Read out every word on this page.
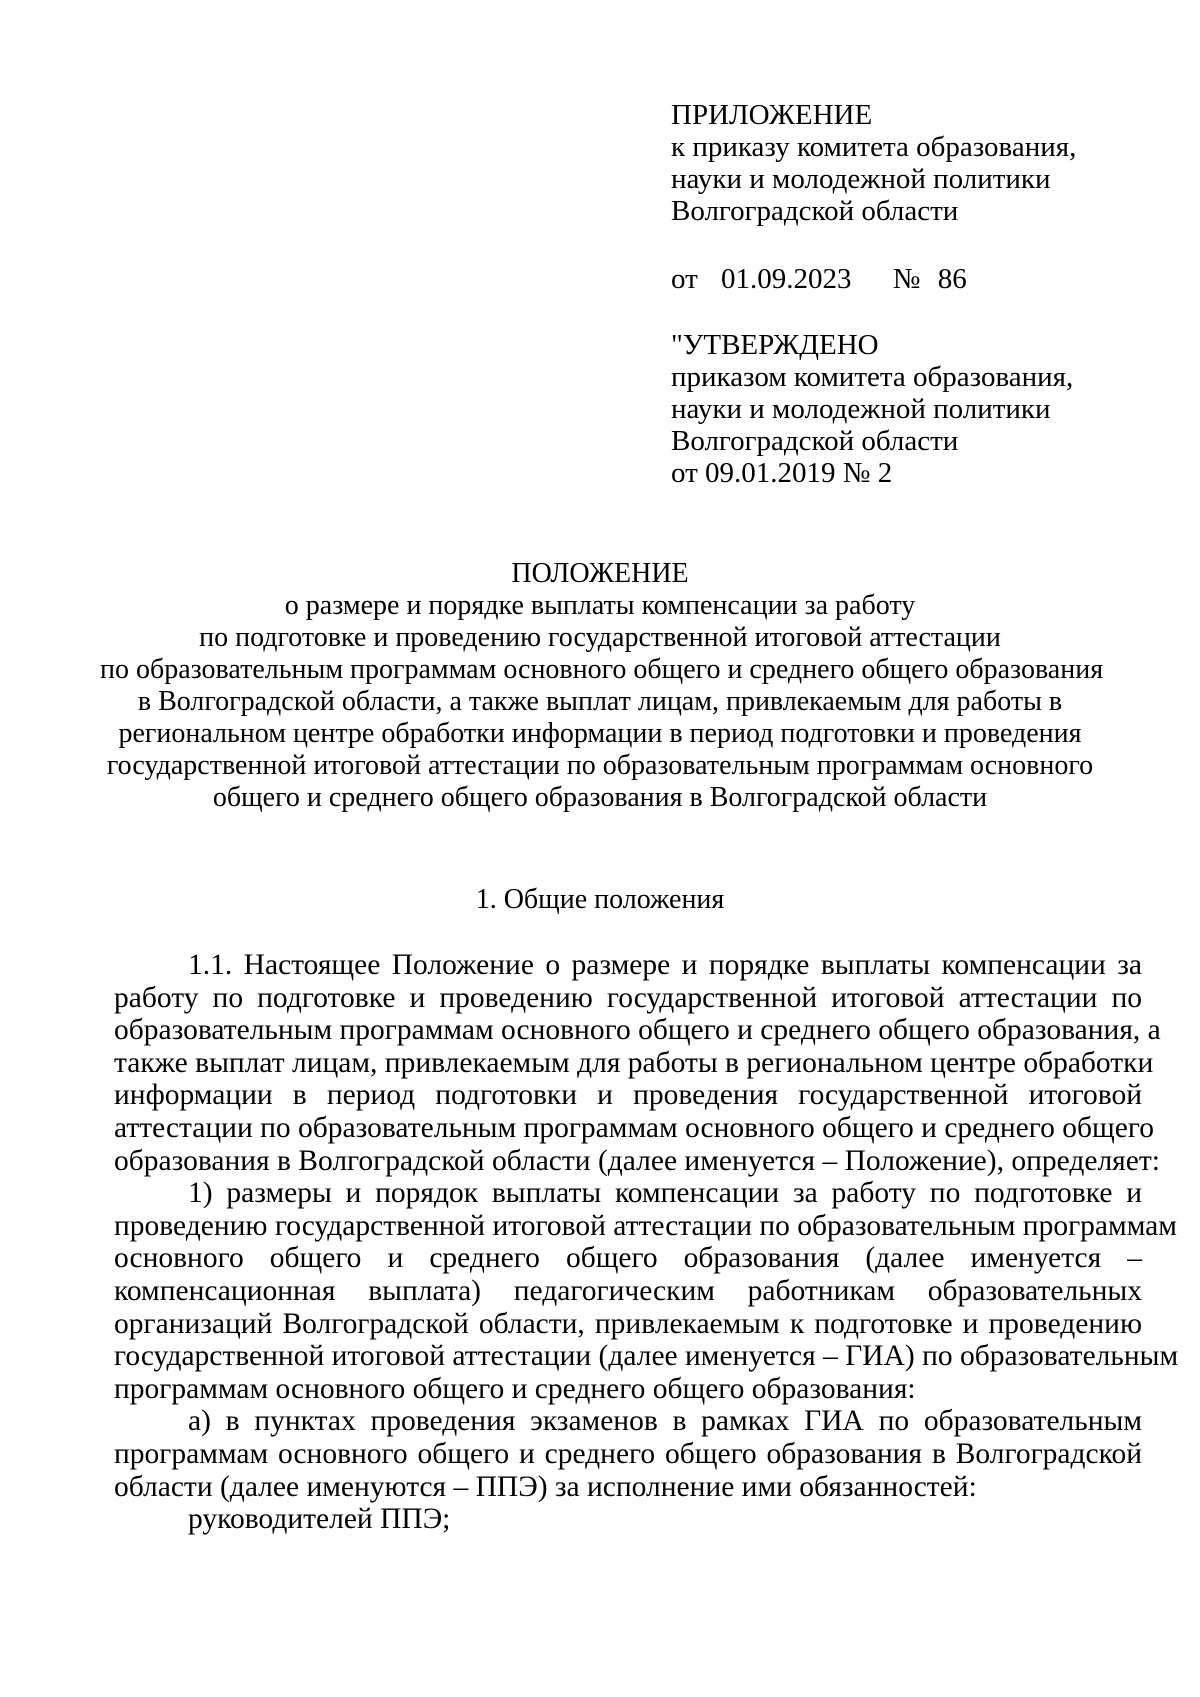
ПРИЛОЖЕНИЕ
к приказу комитета образования,
науки и молодежной политики
Волгоградской области
от 01.09.2023 № 86
"УТВЕРЖДЕНО
приказом комитета образования,
науки и молодежной политики
Волгоградской области
от 09.01.2019 № 2
ПОЛОЖЕНИЕ
о размере и порядке выплаты компенсации за работу
по подготовке и проведению государственной итоговой аттестации
по образовательным программам основного общего и среднего общего образования
в Волгоградской области, а также выплат лицам, привлекаемым для работы в
региональном центре обработки информации в период подготовки и проведения
государственной итоговой аттестации по образовательным программам основного
общего и среднего общего образования в Волгоградской области
1. Общие положения
1.1. Настоящее Положение о размере и порядке выплаты компенсации за
работу по подготовке и проведению государственной итоговой аттестации по
образовательным программам основного общего и среднего общего образования, а
также выплат лицам, привлекаемым для работы в региональном центре обработки
информации в период подготовки и проведения государственной итоговой
аттестации по образовательным программам основного общего и среднего общего
образования в Волгоградской области (далее именуется – Положение), определяет:
1) размеры и порядок выплаты компенсации за работу по подготовке и
проведению государственной итоговой аттестации по образовательным программам
основного общего и среднего общего образования (далее именуется –
компенсационная выплата) педагогическим работникам образовательных
организаций Волгоградской области, привлекаемым к подготовке и проведению
государственной итоговой аттестации (далее именуется – ГИА) по образовательным
программам основного общего и среднего общего образования:
а) в пунктах проведения экзаменов в рамках ГИА по образовательным
программам основного общего и среднего общего образования в Волгоградской
области (далее именуются – ППЭ) за исполнение ими обязанностей:
руководителей ППЭ;
